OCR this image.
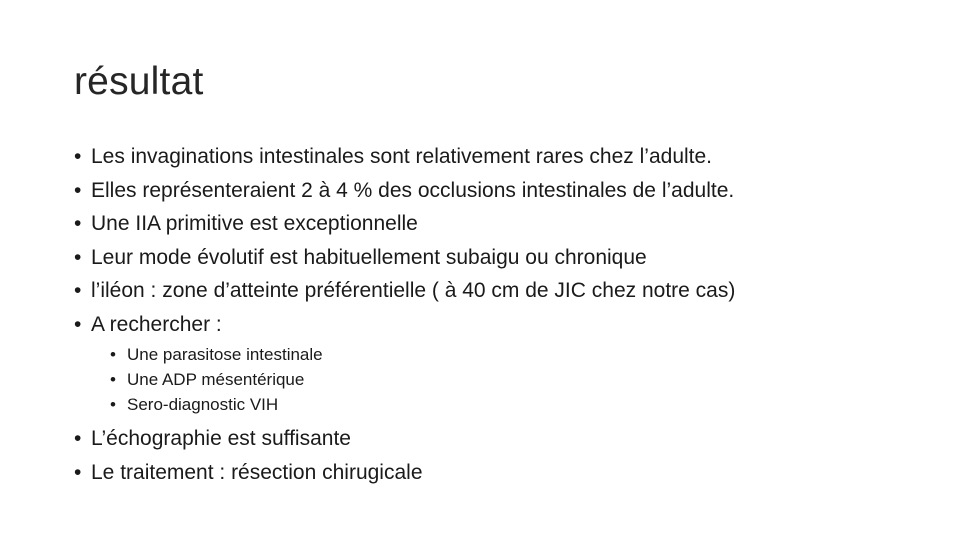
résultat
• Les invaginations intestinales sont relativement rares chez l’adulte.
• Elles représenteraient 2 à 4 % des occlusions intestinales de l’adulte.
• Une IIA primitive est exceptionnelle
• Leur mode évolutif est habituellement subaigu ou chronique
• l’iléon : zone d’atteinte préférentielle ( à 40 cm de JIC chez notre cas)
• A rechercher :
• Une parasitose intestinale
• Une ADP mésentérique
• Sero-diagnostic VIH
• L’échographie est suffisante
• Le traitement : résection chirugicale
